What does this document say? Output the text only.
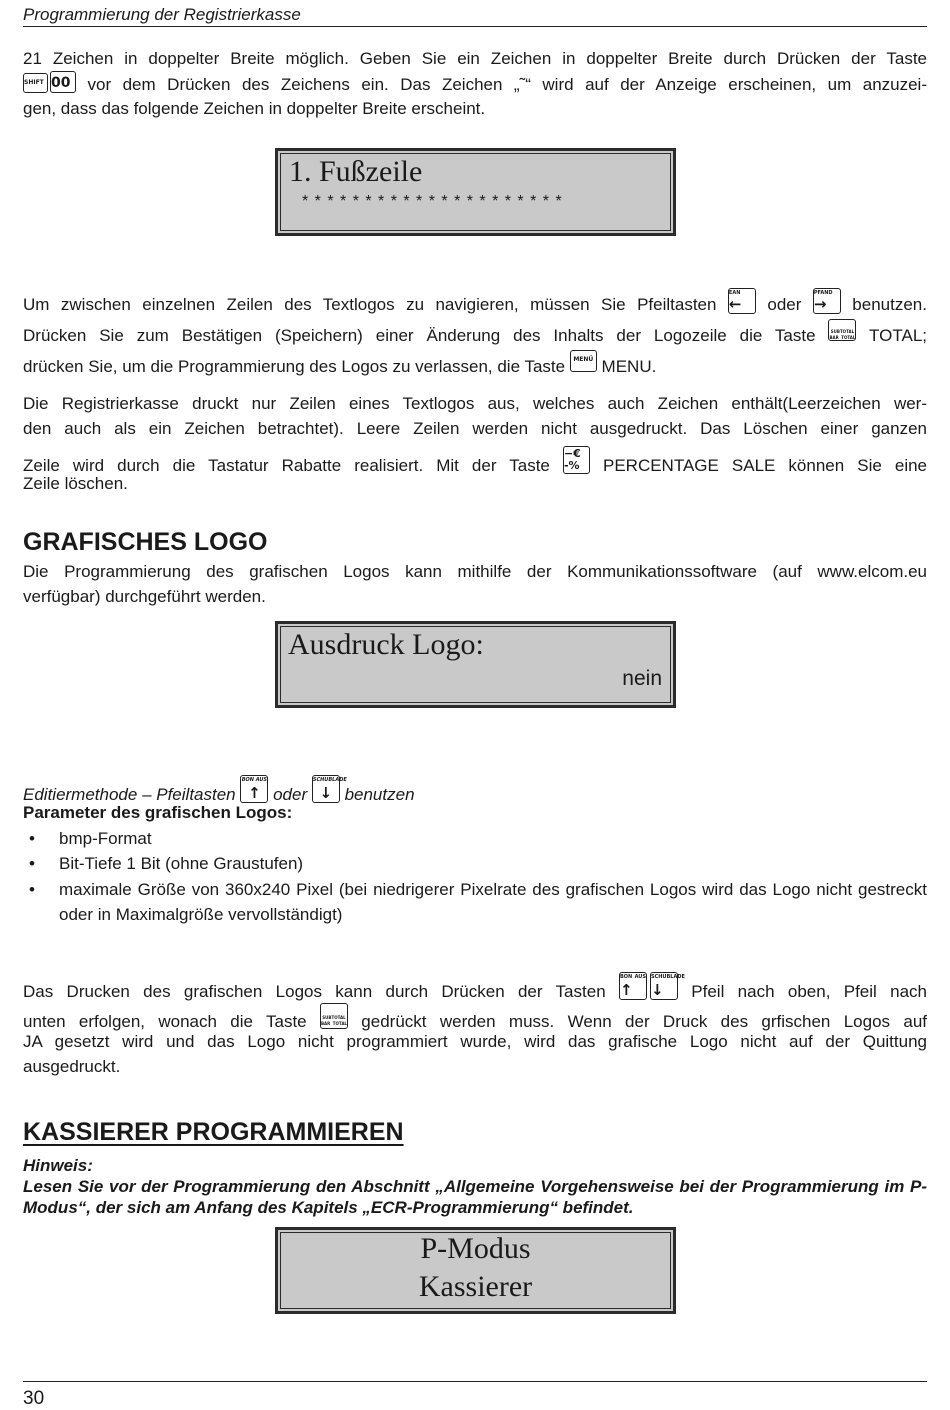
Programmierung der Registrierkasse
21 Zeichen in doppelter Breite möglich. Geben Sie ein Zeichen in doppelter Breite durch Drücken der Taste
SHIFT 00 vor dem Drücken des Zeichens ein. Das Zeichen „˜“ wird auf der Anzeige erscheinen, um anzuzei-
gen, dass das folgende Zeichen in doppelter Breite erscheint.
1. Fußzeile
* * * * * * * * * * * * * * * * * * * * *
Um zwischen einzelnen Zeilen des Textlogos zu navigieren, müssen Sie Pfeiltasten
EAN
← oder
PFAND
→ benutzen.
Drücken Sie zum Bestätigen (Speichern) einer Änderung des Inhalts der Logozeile die Taste SUBTOTAL BAR TOTAL TOTAL;
drücken Sie, um die Programmierung des Logos zu verlassen, die Taste MENÜ MENU.
Die Registrierkasse druckt nur Zeilen eines Textlogos aus, welches auch Zeichen enthält(Leerzeichen wer-
den auch als ein Zeichen betrachtet). Leere Zeilen werden nicht ausgedruckt. Das Löschen einer ganzen
Zeile wird durch die Tastatur Rabatte realisiert. Mit der Taste
−€
-% PERCENTAGE SALE können Sie eine
Zeile löschen.
GRAFISCHES LOGO
Die Programmierung des grafischen Logos kann mithilfe der Kommunikationssoftware (auf www.elcom.eu
verfügbar) durchgeführt werden.
Ausdruck Logo:
nein
Editiermethode – Pfeiltasten
BON AUS
↑ oder
SCHUBLADE
↓ benutzen
Parameter des grafischen Logos:
• bmp-Format
• Bit-Tiefe 1 Bit (ohne Graustufen)
• maximale Größe von 360x240 Pixel (bei niedrigerer Pixelrate des grafischen Logos wird das Logo nicht gestreckt oder in Maximalgröße vervollständigt)
Das Drucken des grafischen Logos kann durch Drücken der Tasten
BON AUS
↑
SCHUBLADE
↓ Pfeil nach oben, Pfeil nach
unten erfolgen, wonach die Taste SUBTOTAL BAR TOTAL gedrückt werden muss. Wenn der Druck des grfischen Logos auf
JA gesetzt wird und das Logo nicht programmiert wurde, wird das grafische Logo nicht auf der Quittung
ausgedruckt.
KASSIERER PROGRAMMIEREN
Hinweis:
Lesen Sie vor der Programmierung den Abschnitt „Allgemeine Vorgehensweise bei der Programmierung im P-Modus“, der sich am Anfang des Kapitels „ECR-Programmierung“ befindet.
P-Modus
Kassierer
30
